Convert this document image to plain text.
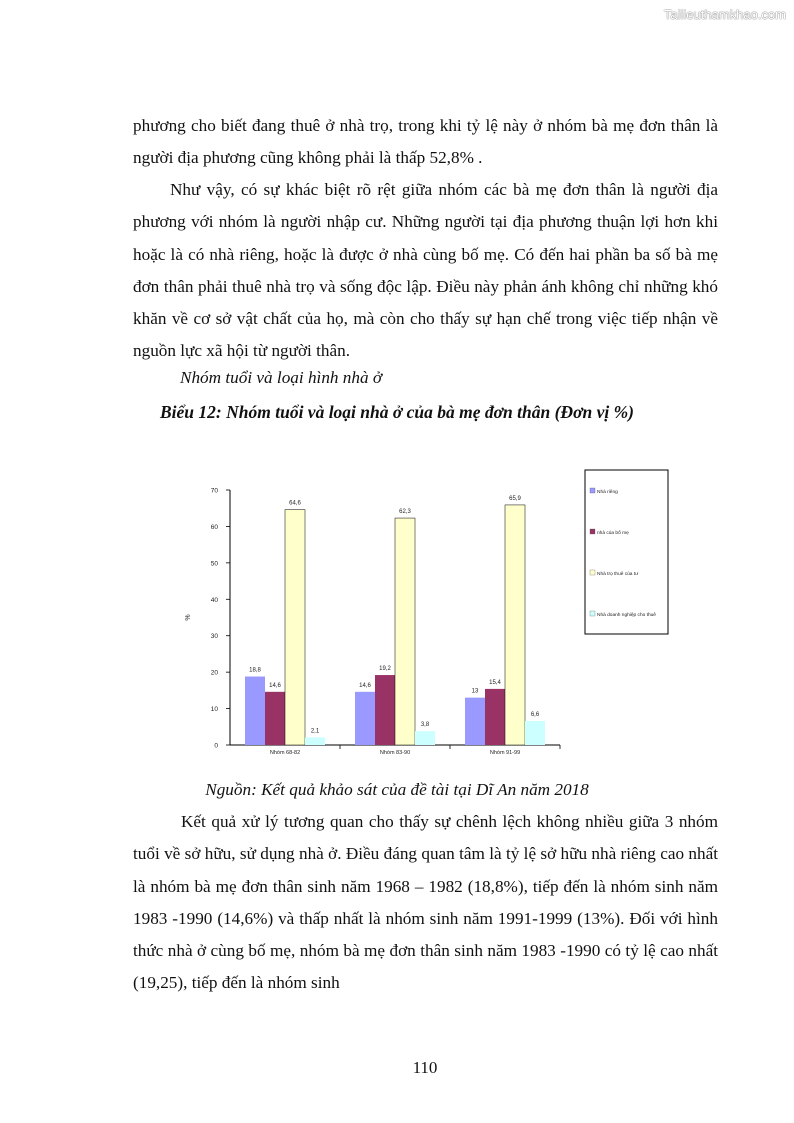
Tailieuthamkhao.com

phương cho biết đang thuê ở nhà trọ, trong khi tỷ lệ này ở nhóm bà mẹ đơn thân là người địa phương cũng không phải là thấp 52,8% .

Như vậy, có sự khác biệt rõ rệt giữa nhóm các bà mẹ đơn thân là người địa phương với nhóm là người nhập cư. Những người tại địa phương thuận lợi hơn khi hoặc là có nhà riêng, hoặc là được ở nhà cùng bố mẹ. Có đến hai phần ba số bà mẹ đơn thân phải thuê nhà trọ và sống độc lập. Điều này phản ánh không chỉ những khó khăn về cơ sở vật chất của họ, mà còn cho thấy sự hạn chế trong việc tiếp nhận về nguồn lực xã hội từ người thân.

Nhóm tuổi và loại hình nhà ở

Biểu 12: Nhóm tuổi và loại nhà ở của bà mẹ đơn thân (Đơn vị %)

0
10
20
30
40
50
60
70
%
18,8
14,6
64,6
2,1
Nhóm 68-82
14,6
19,2
62,3
3,8
Nhóm 83-90
13
15,4
65,9
6,6
Nhóm 91-99
Nhà riêng
nhà của bố mẹ
Nhà trọ thuê của tư
Nhà doanh nghiệp cho thuê

Nguồn: Kết quả khảo sát của đề tài tại Dĩ An năm 2018

Kết quả xử lý tương quan cho thấy sự chênh lệch không nhiều giữa 3 nhóm tuổi về sở hữu, sử dụng nhà ở. Điều đáng quan tâm là tỷ lệ sở hữu nhà riêng cao nhất là nhóm bà mẹ đơn thân sinh năm 1968 – 1982 (18,8%), tiếp đến là nhóm sinh năm 1983 -1990 (14,6%) và thấp nhất là nhóm sinh năm 1991-1999 (13%). Đối với hình thức nhà ở cùng bố mẹ, nhóm bà mẹ đơn thân sinh năm 1983 -1990 có tỷ lệ cao nhất (19,25), tiếp đến là nhóm sinh

110
